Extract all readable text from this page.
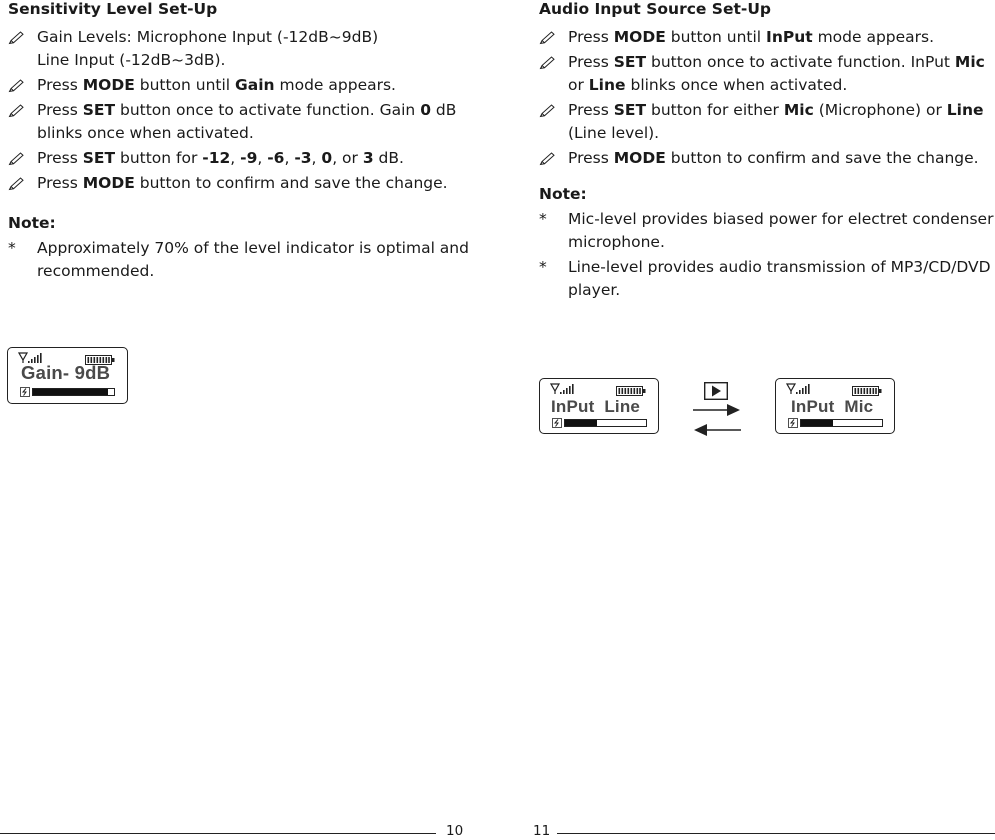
Sensitivity Level Set-Up
Gain Levels: Microphone Input (-12dB~9dB)
Line Input (-12dB~3dB).
Press MODE button until Gain mode appears.
Press SET button once to activate function. Gain 0 dB blinks once when activated.
Press SET button for -12, -9, -6, -3, 0, or 3 dB.
Press MODE button to confirm and save the change.
Note:
*	Approximately 70% of the level indicator is optimal and recommended.
Audio Input Source Set-Up
Press MODE button until InPut mode appears.
Press SET button once to activate function. InPut Mic or Line blinks once when activated.
Press SET button for either Mic (Microphone) or Line (Line level).
Press MODE button to confirm and save the change.
Note:
*	Mic-level provides biased power for electret condenser microphone.
*	Line-level provides audio transmission of MP3/CD/DVD player.
Gain- 9dB
InPut  Line	InPut  Mic
10	11
